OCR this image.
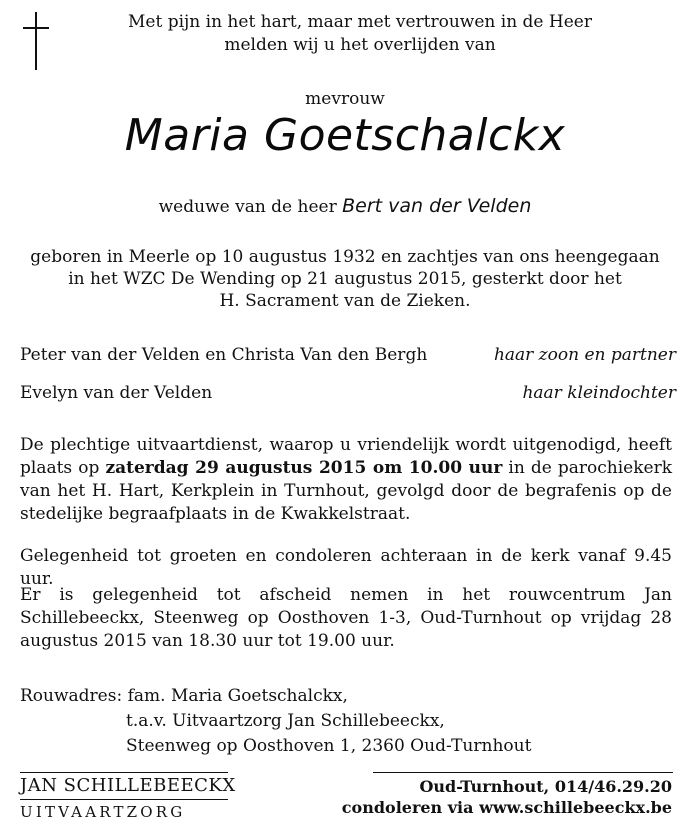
Met pijn in het hart, maar met vertrouwen in de Heer
melden wij u het overlijden van
mevrouw
Maria Goetschalckx
weduwe van de heer Bert van der Velden
geboren in Meerle op 10 augustus 1932 en zachtjes van ons heengegaan
in het WZC De Wending op 21 augustus 2015, gesterkt door het
H. Sacrament van de Zieken.
Peter van der Velden en Christa Van den Bergh	haar zoon en partner
Evelyn van der Velden	haar kleindochter
De plechtige uitvaartdienst, waarop u vriendelijk wordt uitgenodigd, heeft plaats op zaterdag 29 augustus 2015 om 10.00 uur in de parochiekerk van het H. Hart, Kerkplein in Turnhout, gevolgd door de begrafenis op de stedelijke begraafplaats in de Kwakkelstraat.
Gelegenheid tot groeten en condoleren achteraan in de kerk vanaf 9.45 uur.
Er is gelegenheid tot afscheid nemen in het rouwcentrum Jan Schillebeeckx, Steenweg op Oosthoven 1-3, Oud-Turnhout op vrijdag 28 augustus 2015 van 18.30 uur tot 19.00 uur.
Rouwadres: fam. Maria Goetschalckx,
t.a.v. Uitvaartzorg Jan Schillebeeckx,
Steenweg op Oosthoven 1, 2360 Oud-Turnhout
JAN SCHILLEBEECKX
UITVAARTZORG
Oud-Turnhout, 014/46.29.20
condoleren via www.schillebeeckx.be
